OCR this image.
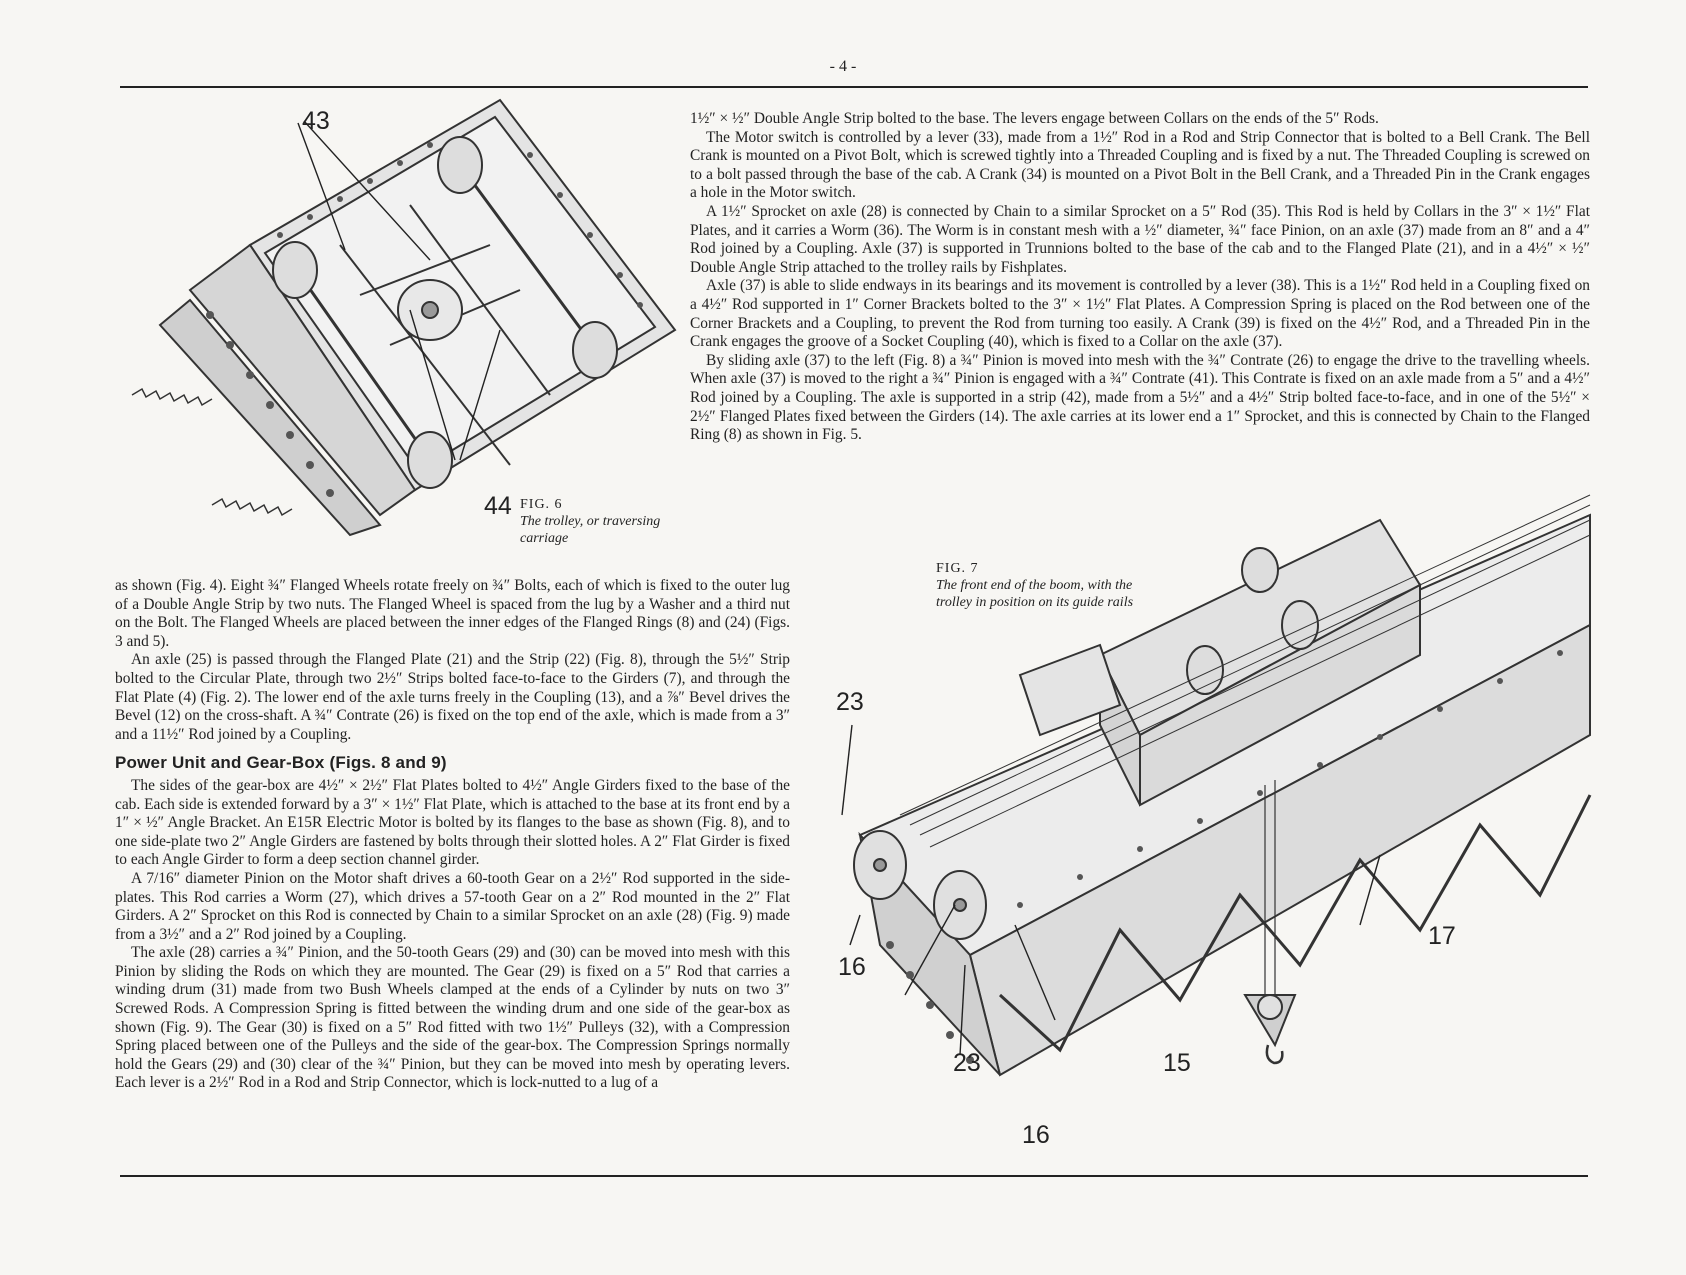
- 4 -
43
44 FIG. 6
The trolley, or traversing carriage

1½″ × ½″ Double Angle Strip bolted to the base. The levers engage between Collars on the ends of the 5″ Rods.

The Motor switch is controlled by a lever (33), made from a 1½″ Rod in a Rod and Strip Connector that is bolted to a Bell Crank. The Bell Crank is mounted on a Pivot Bolt, which is screwed tightly into a Threaded Coupling and is fixed by a nut. The Threaded Coupling is screwed on to a bolt passed through the base of the cab. A Crank (34) is mounted on a Pivot Bolt in the Bell Crank, and a Threaded Pin in the Crank engages a hole in the Motor switch.

A 1½″ Sprocket on axle (28) is connected by Chain to a similar Sprocket on a 5″ Rod (35). This Rod is held by Collars in the 3″ × 1½″ Flat Plates, and it carries a Worm (36). The Worm is in constant mesh with a ½″ diameter, ¾″ face Pinion, on an axle (37) made from an 8″ and a 4″ Rod joined by a Coupling. Axle (37) is supported in Trunnions bolted to the base of the cab and to the Flanged Plate (21), and in a 4½″ × ½″ Double Angle Strip attached to the trolley rails by Fishplates.

Axle (37) is able to slide endways in its bearings and its movement is controlled by a lever (38). This is a 1½″ Rod held in a Coupling fixed on a 4½″ Rod supported in 1″ Corner Brackets bolted to the 3″ × 1½″ Flat Plates. A Compression Spring is placed on the Rod between one of the Corner Brackets and a Coupling, to prevent the Rod from turning too easily. A Crank (39) is fixed on the 4½″ Rod, and a Threaded Pin in the Crank engages the groove of a Socket Coupling (40), which is fixed to a Collar on the axle (37).

By sliding axle (37) to the left (Fig. 8) a ¾″ Pinion is moved into mesh with the ¾″ Contrate (26) to engage the drive to the travelling wheels. When axle (37) is moved to the right a ¾″ Pinion is engaged with a ¾″ Contrate (41). This Contrate is fixed on an axle made from a 5″ and a 4½″ Rod joined by a Coupling. The axle is supported in a strip (42), made from a 5½″ and a 4½″ Strip bolted face-to-face, and in one of the 5½″ × 2½″ Flanged Plates fixed between the Girders (14). The axle carries at its lower end a 1″ Sprocket, and this is connected by Chain to the Flanged Ring (8) as shown in Fig. 5.

as shown (Fig. 4). Eight ¾″ Flanged Wheels rotate freely on ¾″ Bolts, each of which is fixed to the outer lug of a Double Angle Strip by two nuts. The Flanged Wheel is spaced from the lug by a Washer and a third nut on the Bolt. The Flanged Wheels are placed between the inner edges of the Flanged Rings (8) and (24) (Figs. 3 and 5).

An axle (25) is passed through the Flanged Plate (21) and the Strip (22) (Fig. 8), through the 5½″ Strip bolted to the Circular Plate, through two 2½″ Strips bolted face-to-face to the Girders (7), and through the Flat Plate (4) (Fig. 2). The lower end of the axle turns freely in the Coupling (13), and a ⅞″ Bevel drives the Bevel (12) on the cross-shaft. A ¾″ Contrate (26) is fixed on the top end of the axle, which is made from a 3″ and a 11½″ Rod joined by a Coupling.

Power Unit and Gear-Box (Figs. 8 and 9)

The sides of the gear-box are 4½″ × 2½″ Flat Plates bolted to 4½″ Angle Girders fixed to the base of the cab. Each side is extended forward by a 3″ × 1½″ Flat Plate, which is attached to the base at its front end by a 1″ × ½″ Angle Bracket. An E15R Electric Motor is bolted by its flanges to the base as shown (Fig. 8), and to one side-plate two 2″ Angle Girders are fastened by bolts through their slotted holes. A 2″ Flat Girder is fixed to each Angle Girder to form a deep section channel girder.

A 7/16″ diameter Pinion on the Motor shaft drives a 60-tooth Gear on a 2½″ Rod supported in the side-plates. This Rod carries a Worm (27), which drives a 57-tooth Gear on a 2″ Rod mounted in the 2″ Flat Girders. A 2″ Sprocket on this Rod is connected by Chain to a similar Sprocket on an axle (28) (Fig. 9) made from a 3½″ and a 2″ Rod joined by a Coupling.

The axle (28) carries a ¾″ Pinion, and the 50-tooth Gears (29) and (30) can be moved into mesh with this Pinion by sliding the Rods on which they are mounted. The Gear (29) is fixed on a 5″ Rod that carries a winding drum (31) made from two Bush Wheels clamped at the ends of a Cylinder by nuts on two 3″ Screwed Rods. A Compression Spring is fitted between the winding drum and one side of the gear-box as shown (Fig. 9). The Gear (30) is fixed on a 5″ Rod fitted with two 1½″ Pulleys (32), with a Compression Spring placed between one of the Pulleys and the side of the gear-box. The Compression Springs normally hold the Gears (29) and (30) clear of the ¾″ Pinion, but they can be moved into mesh by operating levers. Each lever is a 2½″ Rod in a Rod and Strip Connector, which is lock-nutted to a lug of a

FIG. 7
The front end of the boom, with the trolley in position on its guide rails
23
16
23	15
16
17
